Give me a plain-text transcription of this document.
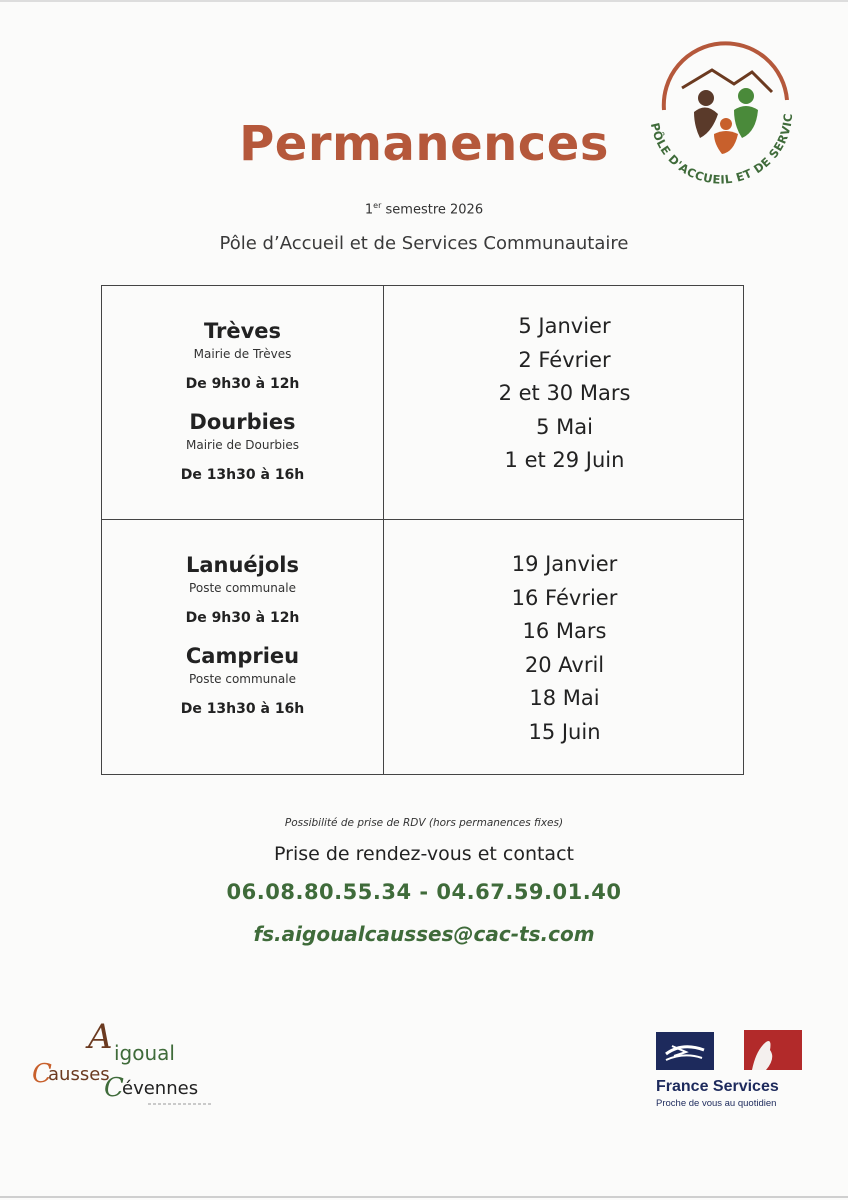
PÔLE D'ACCUEIL ET DE SERVIC
Permanences
1er semestre 2026
Pôle d’Accueil et de Services Communautaire
Trèves
Mairie de Trèves
De 9h30 à 12h
Dourbies
Mairie de Dourbies
De 13h30 à 16h
5 Janvier
2 Février
2 et 30 Mars
5 Mai
1 et 29 Juin
Lanuéjols
Poste communale
De 9h30 à 12h
Camprieu
Poste communale
De 13h30 à 16h
19 Janvier
16 Février
16 Mars
20 Avril
18 Mai
15 Juin
Possibilité de prise de RDV (hors permanences fixes)
Prise de rendez-vous et contact
06.08.80.55.34 - 04.67.59.01.40
fs.aigoualcausses@cac-ts.com
A igoual
C
ausses
C
évennes	France Services
Proche de vous au quotidien
